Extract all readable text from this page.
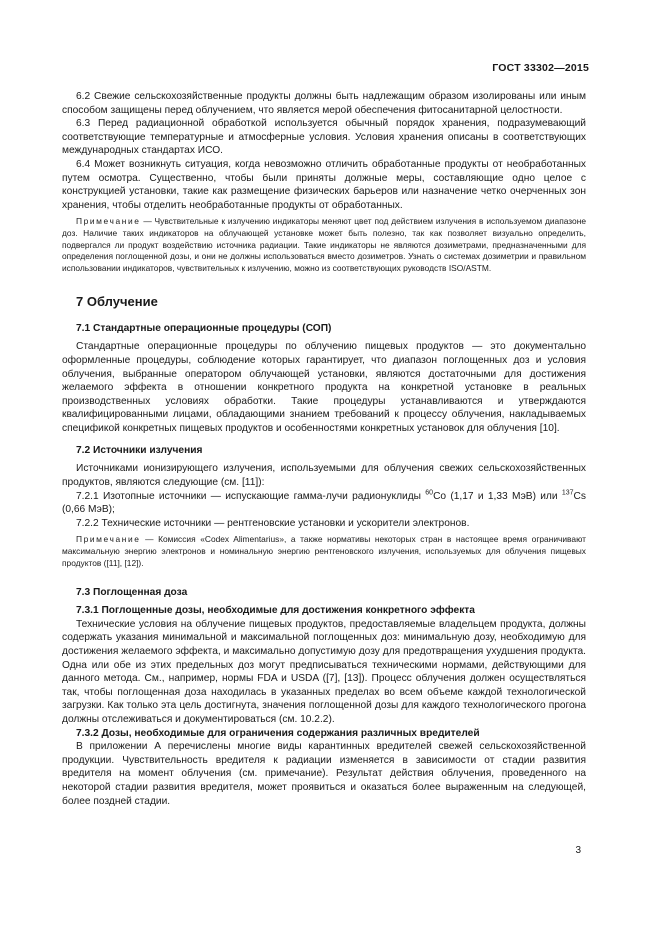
ГОСТ 33302—2015

6.2 Свежие сельскохозяйственные продукты должны быть надлежащим образом изолированы или иным способом защищены перед облучением, что является мерой обеспечения фитосанитарной целостности.

6.3 Перед радиационной обработкой используется обычный порядок хранения, подразумевающий соответствующие температурные и атмосферные условия. Условия хранения описаны в соответствующих международных стандартах ИСО.

6.4 Может возникнуть ситуация, когда невозможно отличить обработанные продукты от необработанных путем осмотра. Существенно, чтобы были приняты должные меры, составляющие одно целое с конструкцией установки, такие как размещение физических барьеров или назначение четко очерченных зон хранения, чтобы отделить необработанные продукты от обработанных.

Примечание — Чувствительные к излучению индикаторы меняют цвет под действием излучения в используемом диапазоне доз. Наличие таких индикаторов на облучающей установке может быть полезно, так как позволяет визуально определить, подвергался ли продукт воздействию источника радиации. Такие индикаторы не являются дозиметрами, предназначенными для определения поглощенной дозы, и они не должны использоваться вместо дозиметров. Узнать о системах дозиметрии и правильном использовании индикаторов, чувствительных к излучению, можно из соответствующих руководств ISO/ASTM.

7 Облучение
7.1 Стандартные операционные процедуры (СОП)

Стандартные операционные процедуры по облучению пищевых продуктов — это документально оформленные процедуры, соблюдение которых гарантирует, что диапазон поглощенных доз и условия облучения, выбранные оператором облучающей установки, являются достаточными для достижения желаемого эффекта в отношении конкретного продукта на конкретной установке в реальных производственных условиях обработки. Такие процедуры устанавливаются и утверждаются квалифицированными лицами, обладающими знанием требований к процессу облучения, накладываемых спецификой конкретных пищевых продуктов и особенностями конкретных установок для облучения [10].

7.2 Источники излучения

Источниками ионизирующего излучения, используемыми для облучения свежих сельскохозяйственных продуктов, являются следующие (см. [11]):

7.2.1 Изотопные источники — испускающие гамма-лучи радионуклиды $^{60}$Co (1,17 и 1,33 МэВ) или $^{137}$Cs (0,66 МэВ);

7.2.2 Технические источники — рентгеновские установки и ускорители электронов.

Примечание — Комиссия «Codex Alimentarius», а также нормативы некоторых стран в настоящее время ограничивают максимальную энергию электронов и номинальную энергию рентгеновского излучения, используемых для облучения пищевых продуктов ([11], [12]).

7.3 Поглощенная доза
7.3.1 Поглощенные дозы, необходимые для достижения конкретного эффекта

Технические условия на облучение пищевых продуктов, предоставляемые владельцем продукта, должны содержать указания минимальной и максимальной поглощенных доз: минимальную дозу, необходимую для достижения желаемого эффекта, и максимально допустимую дозу для предотвращения ухудшения продукта. Одна или обе из этих предельных доз могут предписываться техническими нормами, действующими для данного метода. См., например, нормы FDA и USDA ([7], [13]). Процесс облучения должен осуществляться так, чтобы поглощенная доза находилась в указанных пределах во всем объеме каждой технологической загрузки. Как только эта цель достигнута, значения поглощенной дозы для каждого технологического прогона должны отслеживаться и документироваться (см. 10.2.2).

7.3.2 Дозы, необходимые для ограничения содержания различных вредителей

В приложении А перечислены многие виды карантинных вредителей свежей сельскохозяйственной продукции. Чувствительность вредителя к радиации изменяется в зависимости от стадии развития вредителя на момент облучения (см. примечание). Результат действия облучения, проведенного на некоторой стадии развития вредителя, может проявиться и оказаться более выраженным на следующей, более поздней стадии.

3
